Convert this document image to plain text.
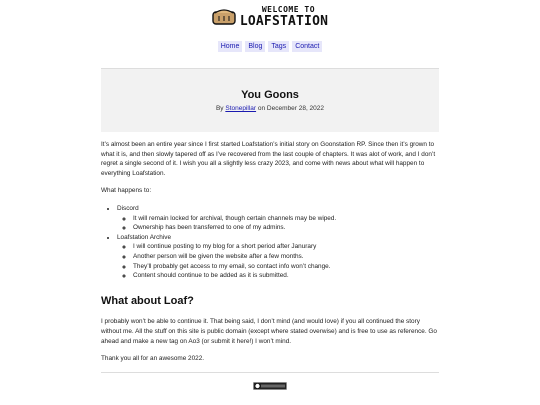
WELCOME TO
LOAFSTATION
Home	Blog	Tags	Contact
You Goons
By Stonepillar on December 28, 2022

It’s almost been an entire year since I first started Loafstation’s initial story on Goonstation RP. Since then it’s grown to what it is, and then slowly tapered off as I’ve recovered from the last couple of chapters. It was alot of work, and I don’t regret a single second of it. I wish you all a slightly less crazy 2023, and come with news about what will happen to everything Loafstation.

What happens to:

• Discord
◦ It will remain locked for archival, though certain channels may be wiped.
◦ Ownership has been transferred to one of my admins.
• Loafstation Archive
◦ I will continue posting to my blog for a short period after Janurary
◦ Another person will be given the website after a few months.
◦ They’ll probably get access to my email, so contact info won’t change.
◦ Content should continue to be added as it is submitted.
What about Loaf?

I probably won’t be able to continue it. That being said, I don’t mind (and would love) if you all continued the story without me. All the stuff on this site is public domain (except where stated overwise) and is free to use as reference. Go ahead and make a new tag on Ao3 (or submit it here!) I won’t mind.

Thank you all for an awesome 2022.
